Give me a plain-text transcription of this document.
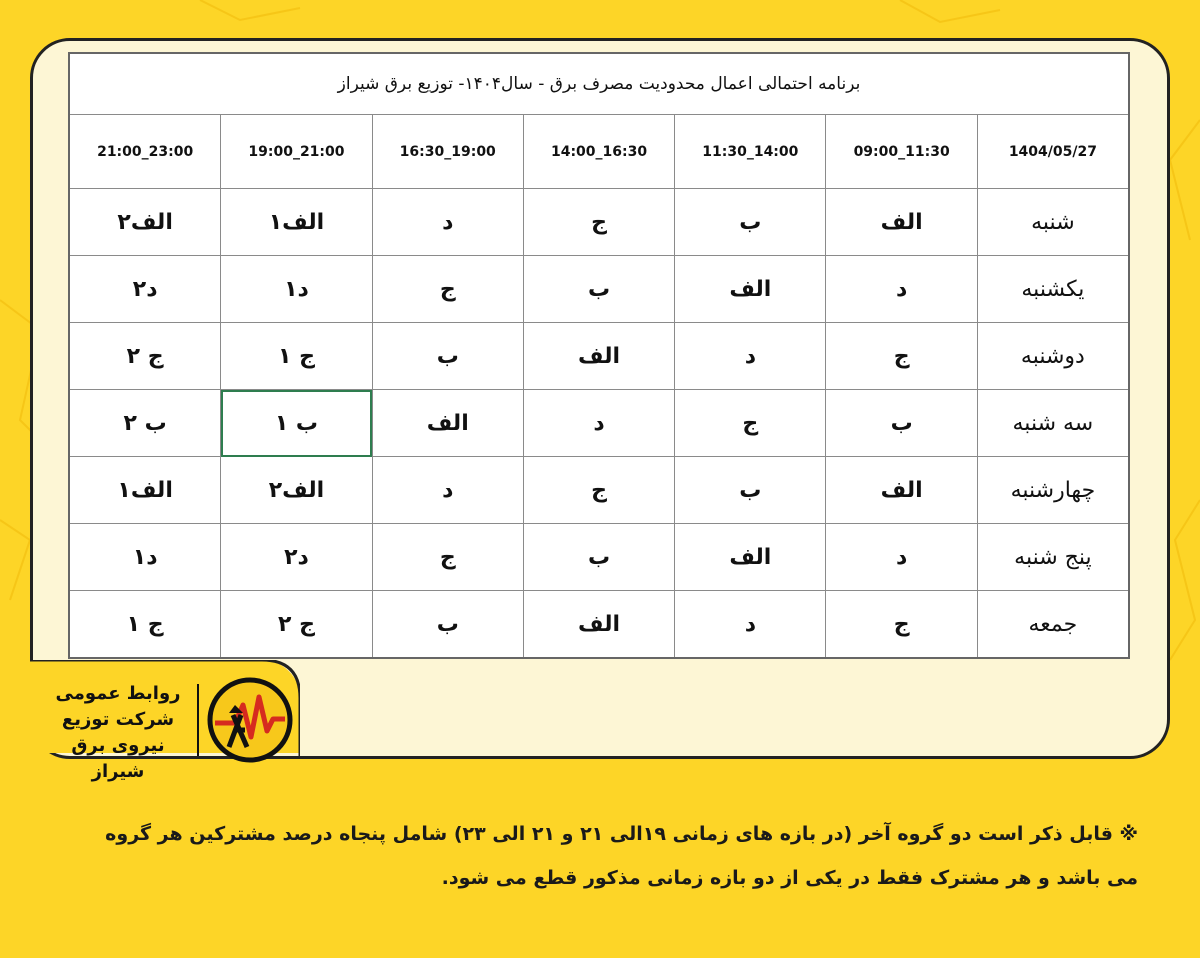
برنامه احتمالی اعمال محدودیت مصرف برق - سال۱۴۰۴- توزیع برق شیراز						
21:00_23:00	19:00_21:00	16:30_19:00	14:00_16:30	11:30_14:00	09:00_11:30	1404/05/27
الف۲	الف۱	د	ج	ب	الف	شنبه
د۲	د۱	ج	ب	الف	د	یکشنبه
ج ۲	ج ۱	ب	الف	د	ج	دوشنبه
ب ۲	ب ۱	الف	د	ج	ب	سه شنبه
الف۱	الف۲	د	ج	ب	الف	چهارشنبه
د۱	د۲	ج	ب	الف	د	پنج شنبه
ج ۱	ج ۲	ب	الف	د	ج	جمعه
روابط عمومی
شرکت توزیع
نیروی برق شیراز
※ قابل ذکر است دو گروه آخر (در بازه های زمانی ۱۹الی ۲۱ و ۲۱ الی ۲۳) شامل پنجاه درصد مشترکین هر گروه
می باشد و هر مشترک فقط در یکی از دو بازه زمانی مذکور قطع می شود.
